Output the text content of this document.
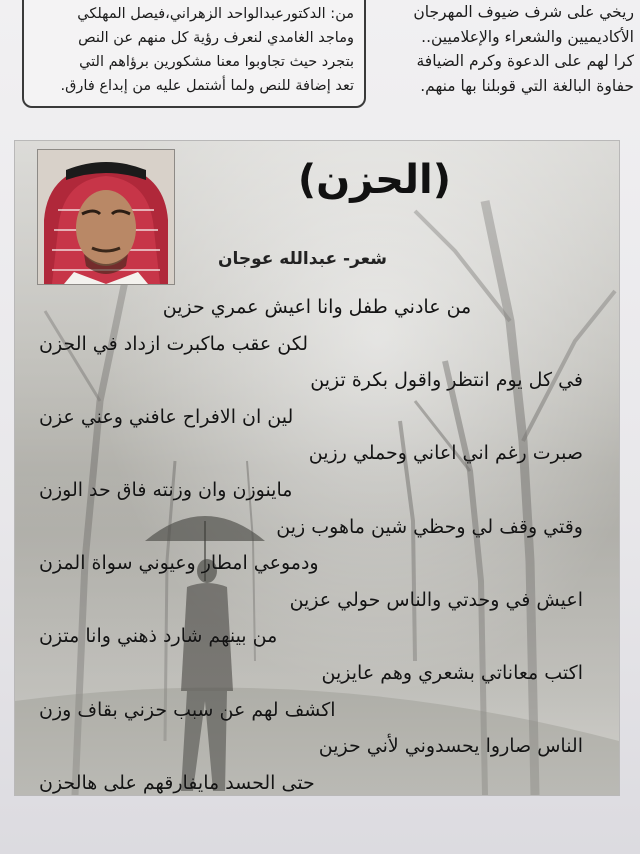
ريخي على شرف ضيوف المهرجان
الأكاديميين والشعراء والإعلاميين..
كرا لهم على الدعوة وكرم الضيافة
حفاوة البالغة التي قوبلنا بها منهم.
من: الدكتورعبدالواحد الزهراني،فيصل المهلكي
وماجد الغامدي لنعرف رؤية كل منهم عن النص
بتجرد حيث تجاوبوا معنا مشكورين برؤاهم التي
تعد إضافة للنص ولما أشتمل عليه من إبداع فارق.
(الحزن)
شعر- عبدالله عوجان
من عادني طفل وانا اعيش عمري حزين
لكن عقب ماكبرت ازداد في الحزن
في كل يوم انتظر واقول بكرة تزين
لين ان الافراح عافني وعني عزن
صبرت رغم اني اعاني وحملي رزين
ماينوزن وان وزنته فاق حد الوزن
وقتي وقف لي وحظي شين ماهوب زين
ودموعي امطار وعيوني سواة المزن
اعيش في وحدتي والناس حولي عزين
من بينهم شارد ذهني وانا متزن
اكتب معاناتي بشعري وهم عايزين
اكشف لهم عن سبب حزني بقاف وزن
الناس صاروا يحسدوني لأني حزين
حتى الحسد مايفارقهم على هالحزن
